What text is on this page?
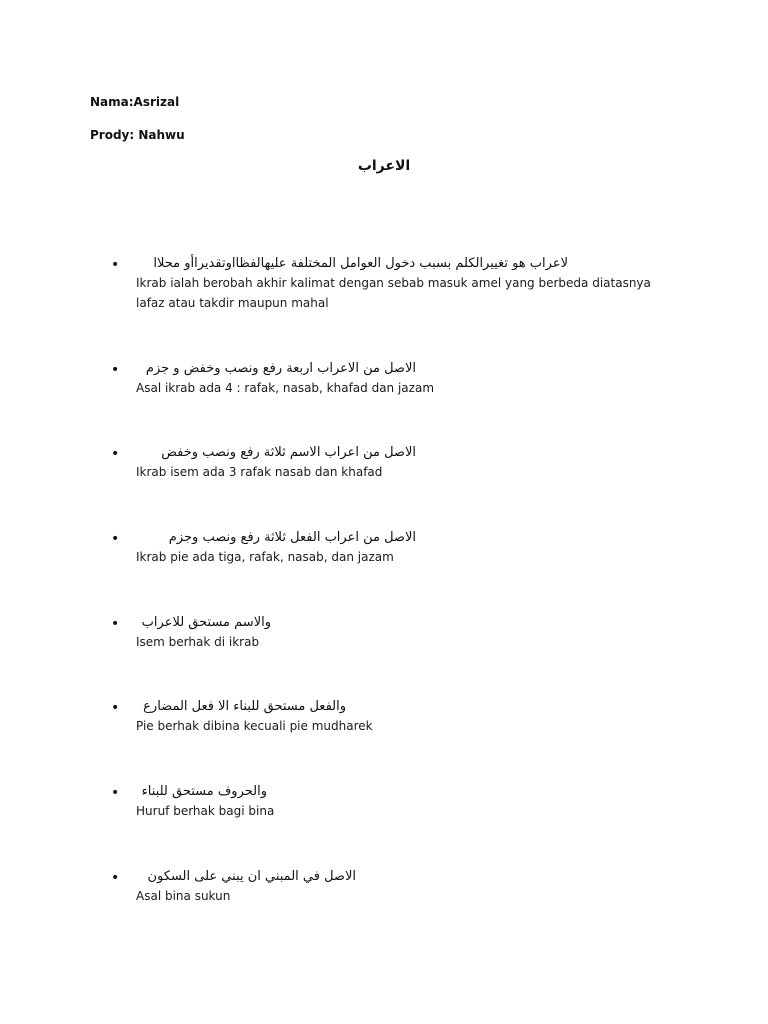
Nama:Asrizal
Prody: Nahwu
الاعراب
•	لاعراب هو تغييرالكلم بسبب دخول العوامل المختلفة عليهالفظااوتقديراأو محلاا
Ikrab ialah berobah akhir kalimat dengan sebab masuk amel yang berbeda diatasnya lafaz atau takdir maupun mahal
•	الاصل من الاعراب اربعة رفع ونصب وخفض و جزم
Asal ikrab ada 4 : rafak, nasab, khafad dan jazam
•	الاصل من اعراب الاسم ثلاثة رفع ونصب وخفض
Ikrab isem ada 3 rafak nasab dan khafad
•	الاصل من اعراب الفعل ثلاثة رفع ونصب وجزم
Ikrab pie ada tiga, rafak, nasab, dan jazam
•	والاسم مستحق للاعراب
Isem berhak di ikrab
•	والفعل مستحق للبناء الا فعل المضارع
Pie berhak dibina kecuali pie mudharek
•	والحروف مستحق للبناء
Huruf berhak bagi bina
•	الاصل في المبني ان يبني على السكون
Asal bina sukun
